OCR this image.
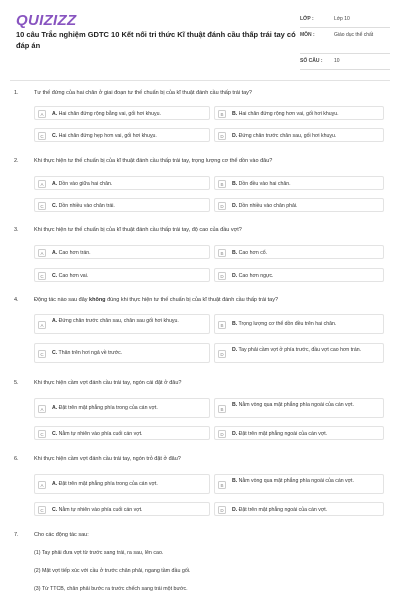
QUIZIZZ
10 câu Trắc nghiệm GDTC 10 Kết nối tri thức Kĩ thuật đánh cầu thấp trái tay có đáp án
LỚP :	Lớp 10
MÔN :	Giáo dục thể chất
SỐ CÂU :	10
1.	Tư thế đứng của hai chân ở giai đoạn tư thế chuẩn bị của kĩ thuật đánh cầu thấp trái tay?
A	A. Hai chân đứng rộng bằng vai, gối hơi khuỵu.	B	B. Hai chân đứng rộng hơn vai, gối hơi khuỵu.
C	C. Hai chân đứng hẹp hơn vai, gối hơi khuỵu.	D	D. Đứng chân trước chân sau, gối hơi khuỵu.
2.	Khi thực hiện tư thế chuẩn bị của kĩ thuật đánh cầu thấp trái tay, trọng lượng cơ thể dồn vào đâu?
A	A. Dồn vào giữa hai chân.	B	B. Dồn đều vào hai chân.
C	C. Dồn nhiều vào chân trái.	D	D. Dồn nhiều vào chân phải.
3.	Khi thực hiện tư thế chuẩn bị của kĩ thuật đánh cầu thấp trái tay, độ cao của đầu vợt?
A	A. Cao hơn trán.	B	B. Cao hơn cổ.
C	C. Cao hơn vai.	D	D. Cao hơn ngực.
4.	Động tác nào sau đây không đúng khi thực hiện tư thế chuẩn bị của kĩ thuật đánh cầu thấp trái tay?
A
A. Đứng chân trước chân sau, chân sau gối hơi khuỵu.
B	B. Trọng lượng cơ thể dồn đều trên hai chân.
C	C. Thân trên hơi ngả về trước.	D
D. Tay phải cầm vợt ở phía trước, đầu vợt cao hơn trán.
5.	Khi thực hiện cầm vợt đánh cầu trái tay, ngón cái đặt ở đâu?
A	A. Đặt trên mặt phẳng phía trong của cán vợt.	B
B. Nằm vòng qua mặt phẳng phía ngoài của cán vợt.
C	C. Nằm tự nhiên vào phía cuối cán vợt.	D	D. Đặt trên mặt phẳng ngoài của cán vợt.
6.	Khi thực hiện cầm vợt đánh cầu trái tay, ngón trỏ đặt ở đâu?
A	A. Đặt trên mặt phẳng phía trong của cán vợt.	B
B. Nằm vòng qua mặt phẳng phía ngoài của cán vợt.
C	C. Nằm tự nhiên vào phía cuối cán vợt.	D	D. Đặt trên mặt phẳng ngoài của cán vợt.
7.	Cho các động tác sau:
(1) Tay phải đưa vợt từ trước sang trái, ra sau, lên cao.
(2) Mặt vợt tiếp xúc với cầu ở trước chân phải, ngang tầm đầu gối.
(3) Từ TTCB, chân phải bước ra trước chếch sang trái một bước.
